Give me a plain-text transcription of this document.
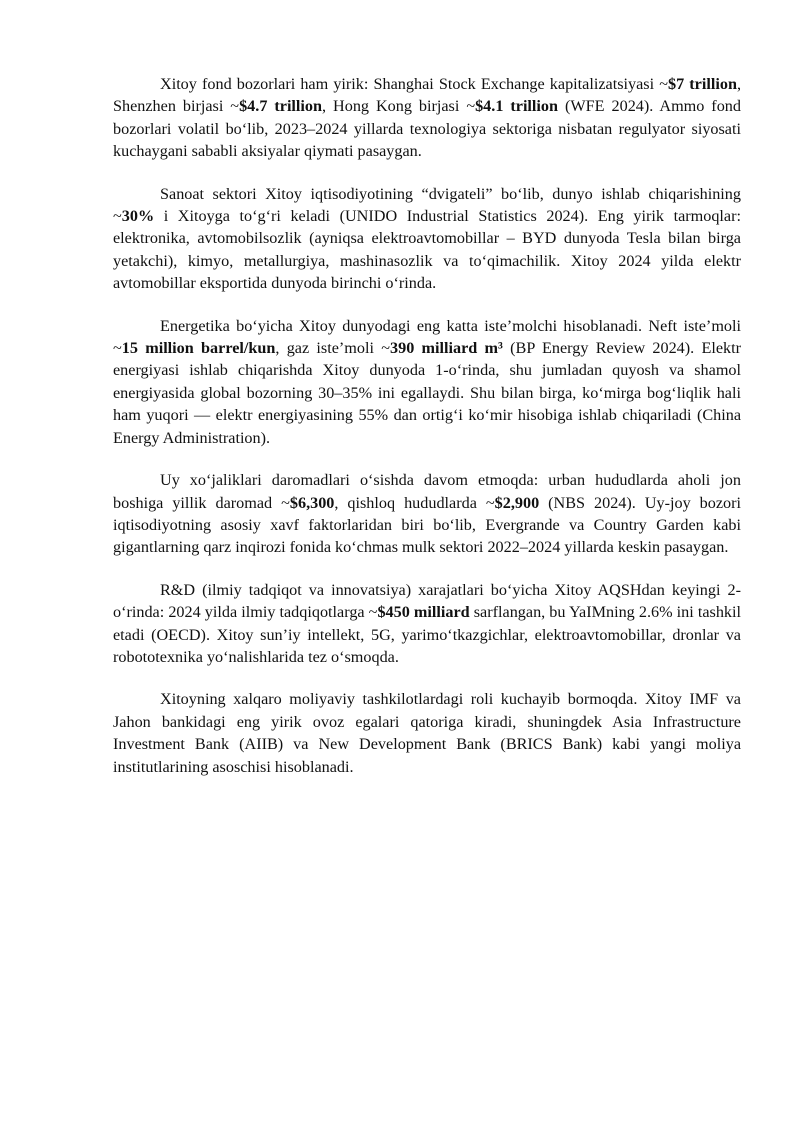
Xitoy fond bozorlari ham yirik: Shanghai Stock Exchange kapitalizatsiyasi ~$7 trillion, Shenzhen birjasi ~$4.7 trillion, Hong Kong birjasi ~$4.1 trillion (WFE 2024). Ammo fond bozorlari volatil bo‘lib, 2023–2024 yillarda texnologiya sektoriga nisbatan regulyator siyosati kuchaygani sababli aksiyalar qiymati pasaygan.

Sanoat sektori Xitoy iqtisodiyotining “dvigateli” bo‘lib, dunyo ishlab chiqarishining ~30% i Xitoyga to‘g‘ri keladi (UNIDO Industrial Statistics 2024). Eng yirik tarmoqlar: elektronika, avtomobilsozlik (ayniqsa elektroavtomobillar – BYD dunyoda Tesla bilan birga yetakchi), kimyo, metallurgiya, mashinasozlik va to‘qimachilik. Xitoy 2024 yilda elektr avtomobillar eksportida dunyoda birinchi o‘rinda.

Energetika bo‘yicha Xitoy dunyodagi eng katta iste’molchi hisoblanadi. Neft iste’moli ~15 million barrel/kun, gaz iste’moli ~390 milliard m³ (BP Energy Review 2024). Elektr energiyasi ishlab chiqarishda Xitoy dunyoda 1-o‘rinda, shu jumladan quyosh va shamol energiyasida global bozorning 30–35% ini egallaydi. Shu bilan birga, ko‘mirga bog‘liqlik hali ham yuqori — elektr energiyasining 55% dan ortig‘i ko‘mir hisobiga ishlab chiqariladi (China Energy Administration).

Uy xo‘jaliklari daromadlari o‘sishda davom etmoqda: urban hududlarda aholi jon boshiga yillik daromad ~$6,300, qishloq hududlarda ~$2,900 (NBS 2024). Uy-joy bozori iqtisodiyotning asosiy xavf faktorlaridan biri bo‘lib, Evergrande va Country Garden kabi gigantlarning qarz inqirozi fonida ko‘chmas mulk sektori 2022–2024 yillarda keskin pasaygan.

R&D (ilmiy tadqiqot va innovatsiya) xarajatlari bo‘yicha Xitoy AQSHdan keyingi 2-o‘rinda: 2024 yilda ilmiy tadqiqotlarga ~$450 milliard sarflangan, bu YaIMning 2.6% ini tashkil etadi (OECD). Xitoy sun’iy intellekt, 5G, yarimo‘tkazgichlar, elektroavtomobillar, dronlar va robototexnika yo‘nalishlarida tez o‘smoqda.

Xitoyning xalqaro moliyaviy tashkilotlardagi roli kuchayib bormoqda. Xitoy IMF va Jahon bankidagi eng yirik ovoz egalari qatoriga kiradi, shuningdek Asia Infrastructure Investment Bank (AIIB) va New Development Bank (BRICS Bank) kabi yangi moliya institutlarining asoschisi hisoblanadi.
